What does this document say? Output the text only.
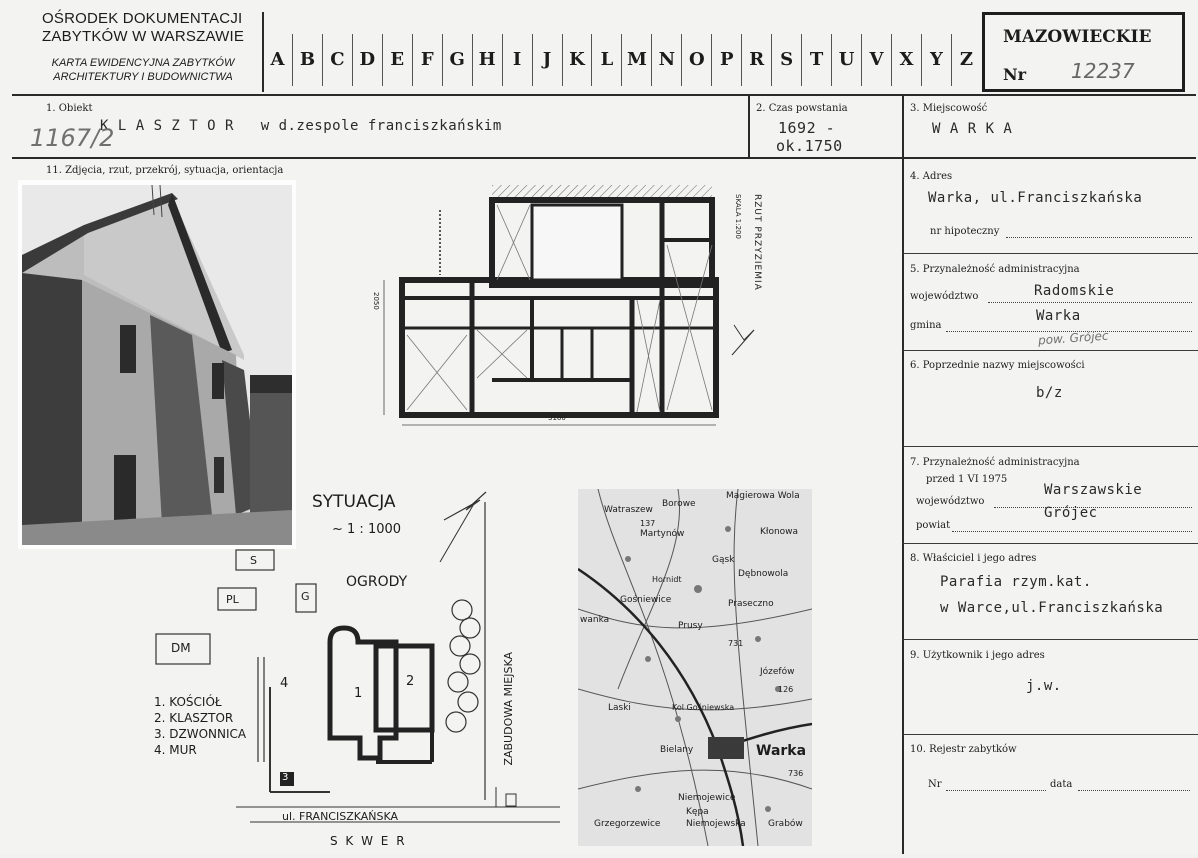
OŚRODEK DOKUMENTACJI
ZABYTKÓW W WARSZAWIE
KARTA EWIDENCYJNA ZABYTKÓW
ARCHITEKTURY I BUDOWNICTWA
A B C D E F G H I	J K L M N O P R S T U V X Y Z
MAZOWIECKIE
Nr 12237
1. Obiekt
K L A S Z T O R   w d.zespole franciszkańskim
1167/2
2. Czas powstania
1692 -
ok.1750
3. Miejscowość
W A R K A
11. Zdjęcia, rzut, przekrój, sytuacja, orientacja
4. Adres
Warka, ul.Franciszkańska
nr hipoteczny
5. Przynależność administracyjna
województwo	Radomskie
gmina
Warka
pow. Grójec
6. Poprzednie nazwy miejscowości
b/z
7. Przynależność administracyjna
przed 1 VI 1975
województwo
Warszawskie
powiat
Grójec
8. Właściciel i jego adres
Parafia rzym.kat.
w Warce,ul.Franciszkańska
9. Użytkownik i jego adres
j.w.
10. Rejestr zabytków
Nr	data
RZUT PRZYZIEMIA
SKALA 1:200
3160
2050
SYTUACJA
~ 1 : 1000
OGRODY
S
PL	G
DM
1
2
3
4
1. KOŚCIÓŁ
2. KLASZTOR
3. DZWONNICA
4. MUR
ul. FRANCISZKAŃSKA
S K W E R
ZABUDOWA MIEJSKA
Magierowa Wola
Borowe
Watraszew
Martynów	Kłonowa
Gąsk
Dębnowola
Hornidt
Gośniewice	Praseczno
wanka
Prusy
Laski	Kol Gośniewska
Józefów
Warka
Bielany
Niemojewice
Grzegorzewice
Kępa
Niemojewska Grabów
137
731
126
736
